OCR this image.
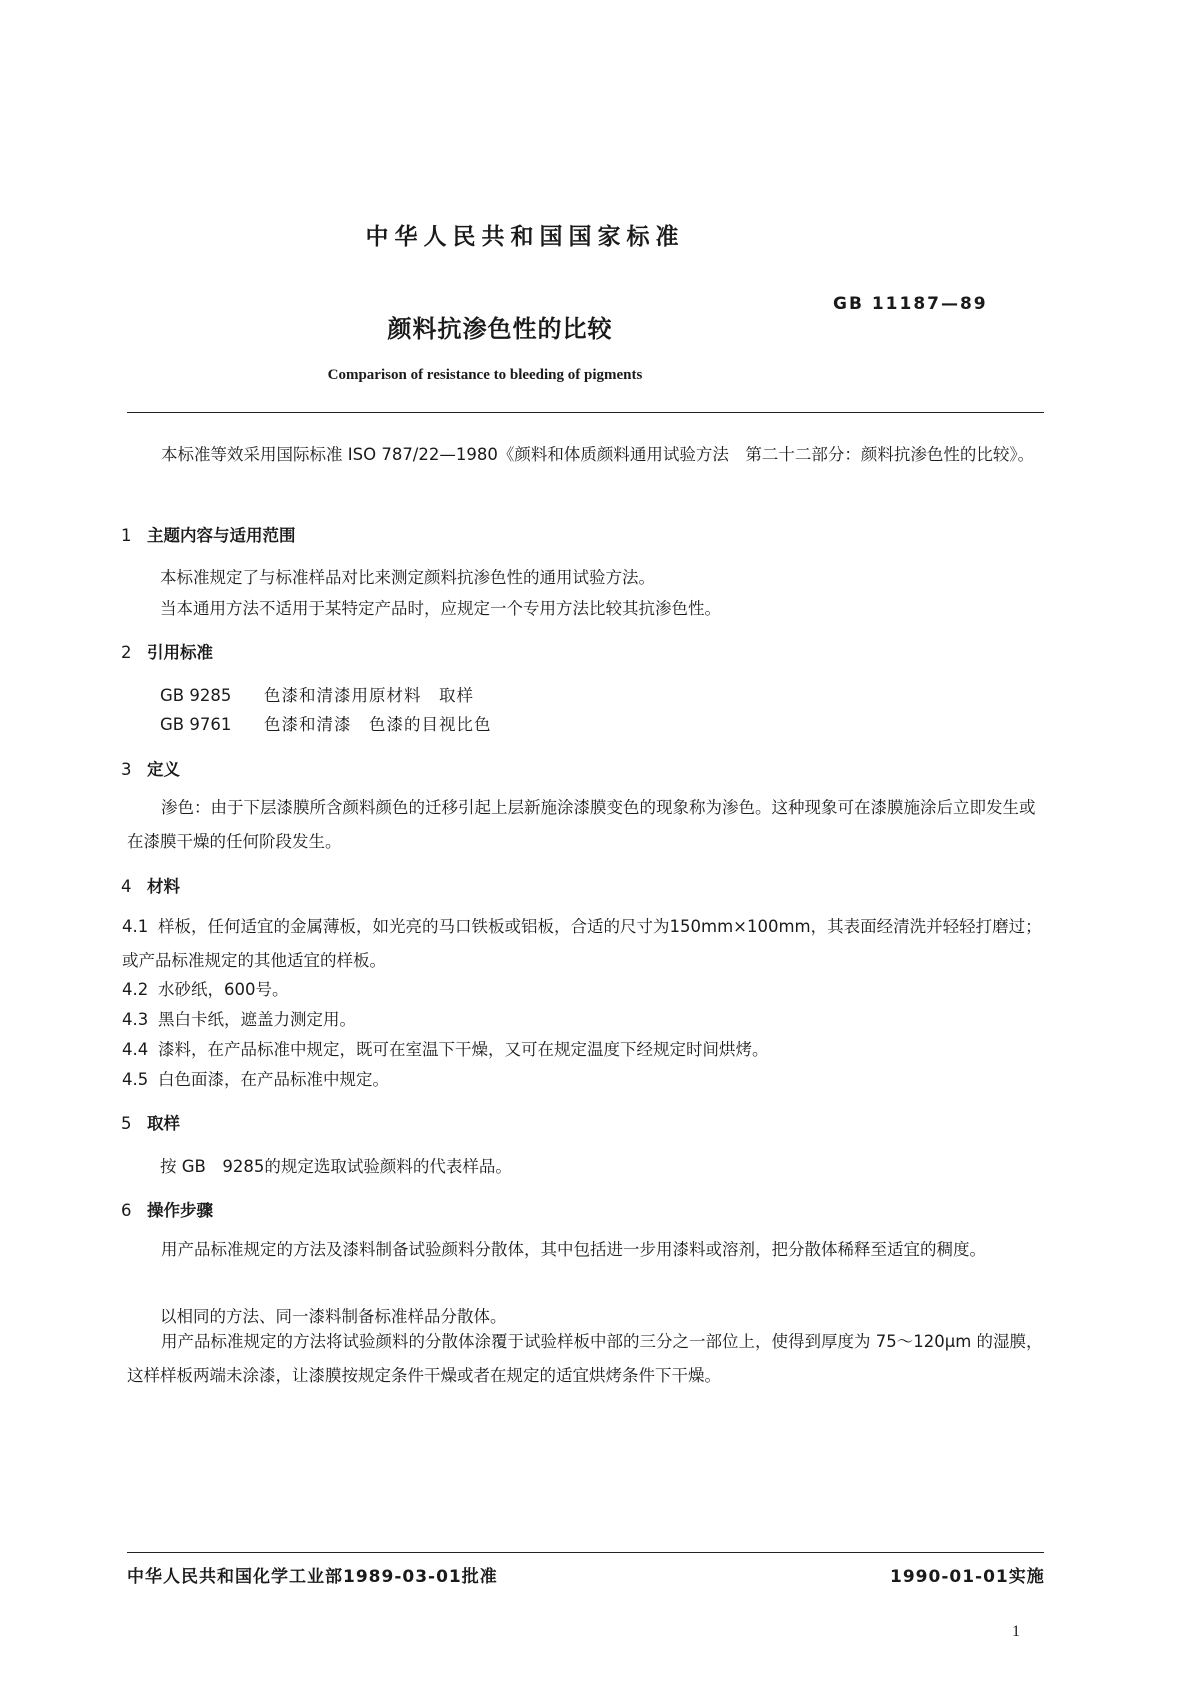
中华人民共和国国家标准
GB 11187—89
颜料抗渗色性的比较
Comparison of resistance to bleeding of pigments
本标准等效采用国际标准 ISO 787/22—1980《颜料和体质颜料通用试验方法　第二十二部分：颜料抗渗色性的比较》。
1 主题内容与适用范围
本标准规定了与标准样品对比来测定颜料抗渗色性的通用试验方法。
当本通用方法不适用于某特定产品时，应规定一个专用方法比较其抗渗色性。
2 引用标准
GB 9285 色漆和清漆用原材料　取样
GB 9761 色漆和清漆　色漆的目视比色
3 定义
渗色：由于下层漆膜所含颜料颜色的迁移引起上层新施涂漆膜变色的现象称为渗色。这种现象可在漆膜施涂后立即发生或在漆膜干燥的任何阶段发生。
4 材料
4.1 样板，任何适宜的金属薄板，如光亮的马口铁板或铝板，合适的尺寸为150mm×100mm，其表面经清洗并轻轻打磨过；或产品标准规定的其他适宜的样板。
4.2 水砂纸，600号。
4.3 黑白卡纸，遮盖力测定用。
4.4 漆料，在产品标准中规定，既可在室温下干燥，又可在规定温度下经规定时间烘烤。
4.5 白色面漆，在产品标准中规定。
5 取样
按 GB　9285的规定选取试验颜料的代表样品。
6 操作步骤
用产品标准规定的方法及漆料制备试验颜料分散体，其中包括进一步用漆料或溶剂，把分散体稀释至适宜的稠度。
以相同的方法、同一漆料制备标准样品分散体。
用产品标准规定的方法将试验颜料的分散体涂覆于试验样板中部的三分之一部位上，使得到厚度为 75～120μm 的湿膜，这样样板两端未涂漆，让漆膜按规定条件干燥或者在规定的适宜烘烤条件下干燥。
中华人民共和国化学工业部1989-03-01批准	1990-01-01实施
1
